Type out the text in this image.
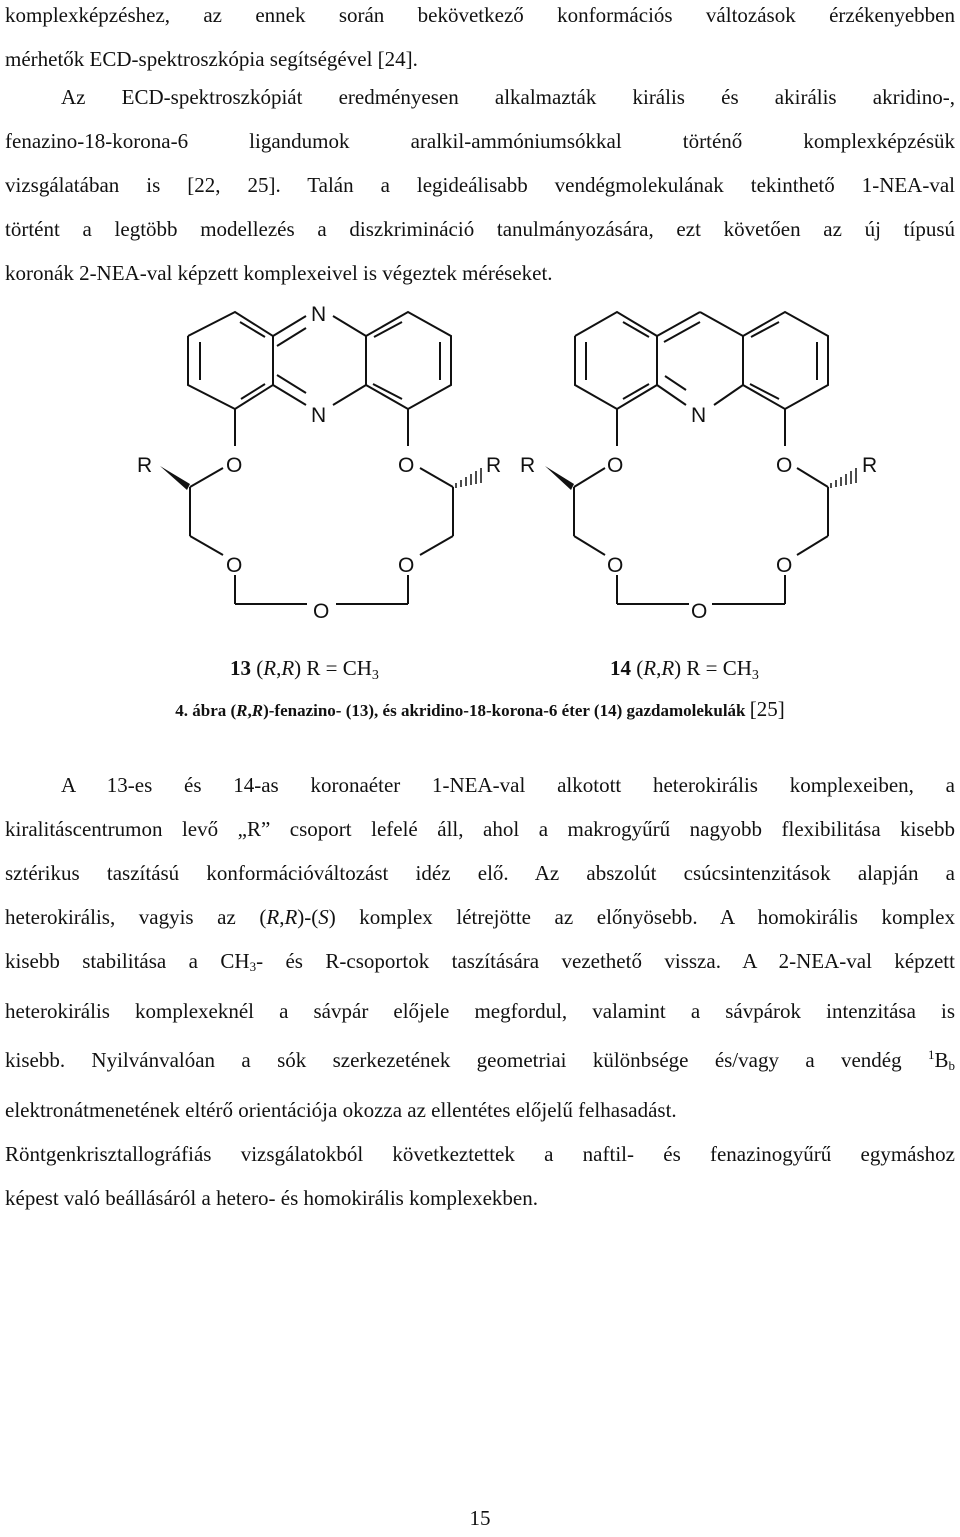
komplexképzéshez, az ennek során bekövetkező konformációs változások érzékenyebben
mérhetők ECD-spektroszkópia segítségével [24].
Az ECD-spektroszkópiát eredményesen alkalmazták királis és akirális akridino-,
fenazino-18-korona-6 ligandumok aralkil-ammóniumsókkal történő komplexképzésük
vizsgálatában is [22, 25]. Talán a legideálisabb vendégmolekulának tekinthető 1-NEA-val
történt a legtöbb modellezés a diszkrimináció tanulmányozására, ezt követően az új típusú
koronák 2-NEA-val képzett komplexeivel is végeztek méréseket.
N
N
R	O	O	R
O	O
O
N
R	O	O	R
O	O
O
13 (R,R) R = CH3	14 (R,R) R = CH3
4. ábra (R,R)-fenazino- (13), és akridino-18-korona-6 éter (14) gazdamolekulák [25]
A 13-es és 14-as koronaéter 1-NEA-val alkotott heterokirális komplexeiben, a
kiralitáscentrumon levő „R” csoport lefelé áll, ahol a makrogyűrű nagyobb flexibilitása kisebb
sztérikus taszítású konformációváltozást idéz elő. Az abszolút csúcsintenzitások alapján a
heterokirális, vagyis az (R,R)-(S) komplex létrejötte az előnyösebb. A homokirális komplex
kisebb stabilitása a $CH_3-$ és R-csoportok taszítására vezethető vissza. A 2-NEA-val képzett
heterokirális komplexeknél a sávpár előjele megfordul, valamint a sávpárok intenzitása is
kisebb. Nyilvánvalóan a sók szerkezetének geometriai különbsége és/vagy a vendég $^1B_b$
elektronátmenetének eltérő orientációja okozza az ellentétes előjelű felhasadást.
Röntgenkrisztallográfiás vizsgálatokból következtettek a naftil- és fenazinogyűrű egymáshoz
képest való beállásáról a hetero- és homokirális komplexekben.
15
